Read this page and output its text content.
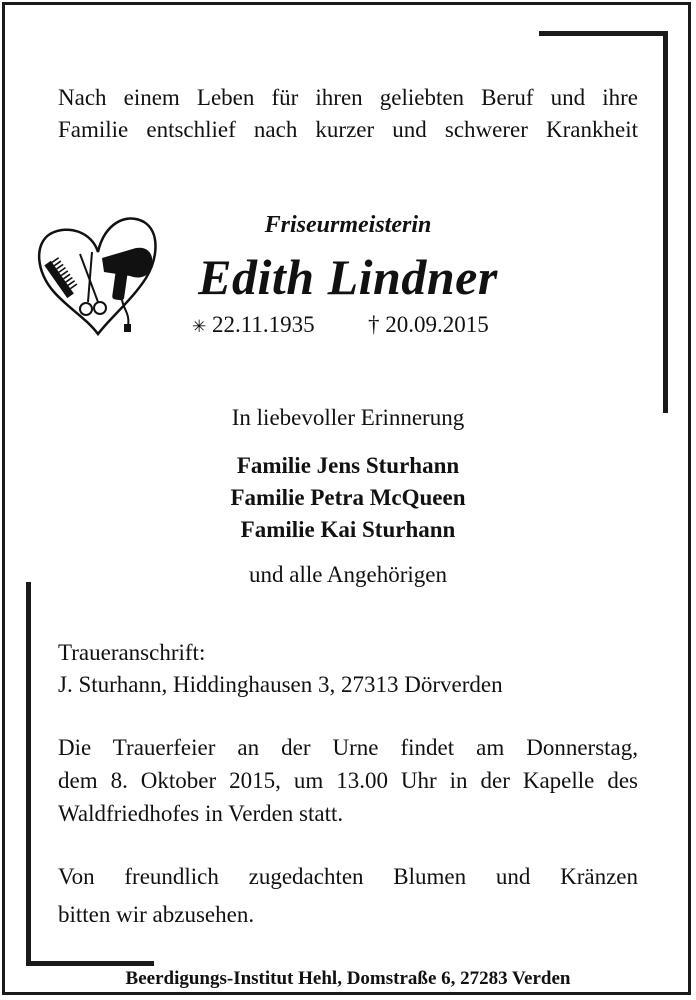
Nach einem Leben für ihren geliebten Beruf und ihre
Familie entschlief nach kurzer und schwerer Krankheit
Friseurmeisterin
Edith Lindner
✳ 22.11.1935 † 20.09.2015
In liebevoller Erinnerung
Familie Jens Sturhann
Familie Petra McQueen
Familie Kai Sturhann
und alle Angehörigen
Traueranschrift:
J. Sturhann, Hiddinghausen 3, 27313 Dörverden
Die Trauerfeier an der Urne findet am Donnerstag,
dem 8. Oktober 2015, um 13.00 Uhr in der Kapelle des
Waldfriedhofes in Verden statt.
Von freundlich zugedachten Blumen und Kränzen
bitten wir abzusehen.
Beerdigungs-Institut Hehl, Domstraße 6, 27283 Verden
